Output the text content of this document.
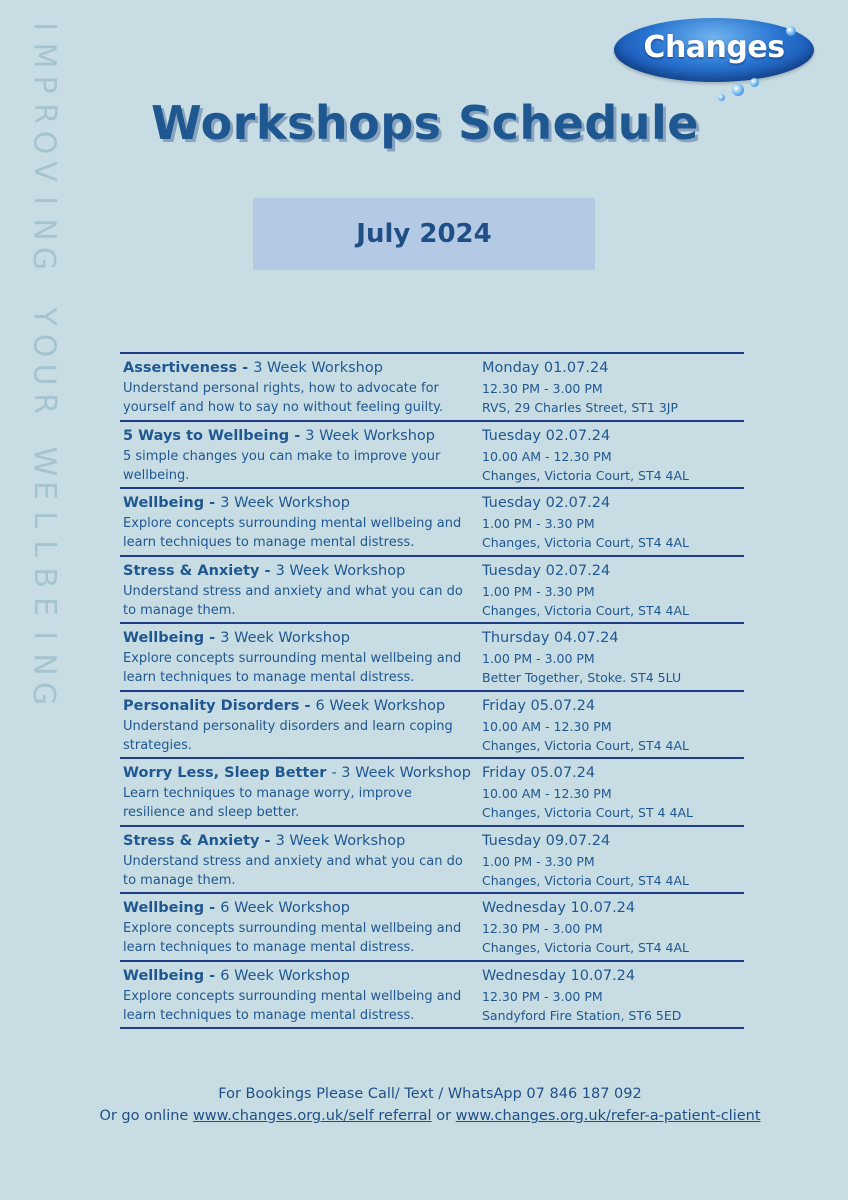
I
M
P
R
O
V
I
N
G
Y
O
U
R
W
E
L
L
B
E
I
N
G
Changes
Workshops Schedule
July 2024
Assertiveness - 3 Week Workshop
Understand personal rights, how to advocate for yourself and how to say no without feeling guilty.
Monday 01.07.24
12.30 PM - 3.00 PM
RVS, 29 Charles Street, ST1 3JP
5 Ways to Wellbeing - 3 Week Workshop
5 simple changes you can make to improve your wellbeing.
Tuesday 02.07.24
10.00 AM - 12.30 PM
Changes, Victoria Court, ST4 4AL
Wellbeing - 3 Week Workshop
Explore concepts surrounding mental wellbeing and learn techniques to manage mental distress.
Tuesday 02.07.24
1.00 PM - 3.30 PM
Changes, Victoria Court, ST4 4AL
Stress & Anxiety - 3 Week Workshop
Understand stress and anxiety and what you can do to manage them.
Tuesday 02.07.24
1.00 PM - 3.30 PM
Changes, Victoria Court, ST4 4AL
Wellbeing - 3 Week Workshop
Explore concepts surrounding mental wellbeing and learn techniques to manage mental distress.
Thursday 04.07.24
1.00 PM - 3.00 PM
Better Together, Stoke. ST4 5LU
Personality Disorders - 6 Week Workshop
Understand personality disorders and learn coping strategies.
Friday 05.07.24
10.00 AM - 12.30 PM
Changes, Victoria Court, ST4 4AL
Worry Less, Sleep Better - 3 Week Workshop
Learn techniques to manage worry, improve resilience and sleep better.
Friday 05.07.24
10.00 AM - 12.30 PM
Changes, Victoria Court, ST 4 4AL
Stress & Anxiety - 3 Week Workshop
Understand stress and anxiety and what you can do to manage them.
Tuesday 09.07.24
1.00 PM - 3.30 PM
Changes, Victoria Court, ST4 4AL
Wellbeing - 6 Week Workshop
Explore concepts surrounding mental wellbeing and learn techniques to manage mental distress.
Wednesday 10.07.24
12.30 PM - 3.00 PM
Changes, Victoria Court, ST4 4AL
Wellbeing - 6 Week Workshop
Explore concepts surrounding mental wellbeing and learn techniques to manage mental distress.
Wednesday 10.07.24
12.30 PM - 3.00 PM
Sandyford Fire Station, ST6 5ED
For Bookings Please Call/ Text / WhatsApp 07 846 187 092
Or go online www.changes.org.uk/self referral or www.changes.org.uk/refer-a-patient-client
